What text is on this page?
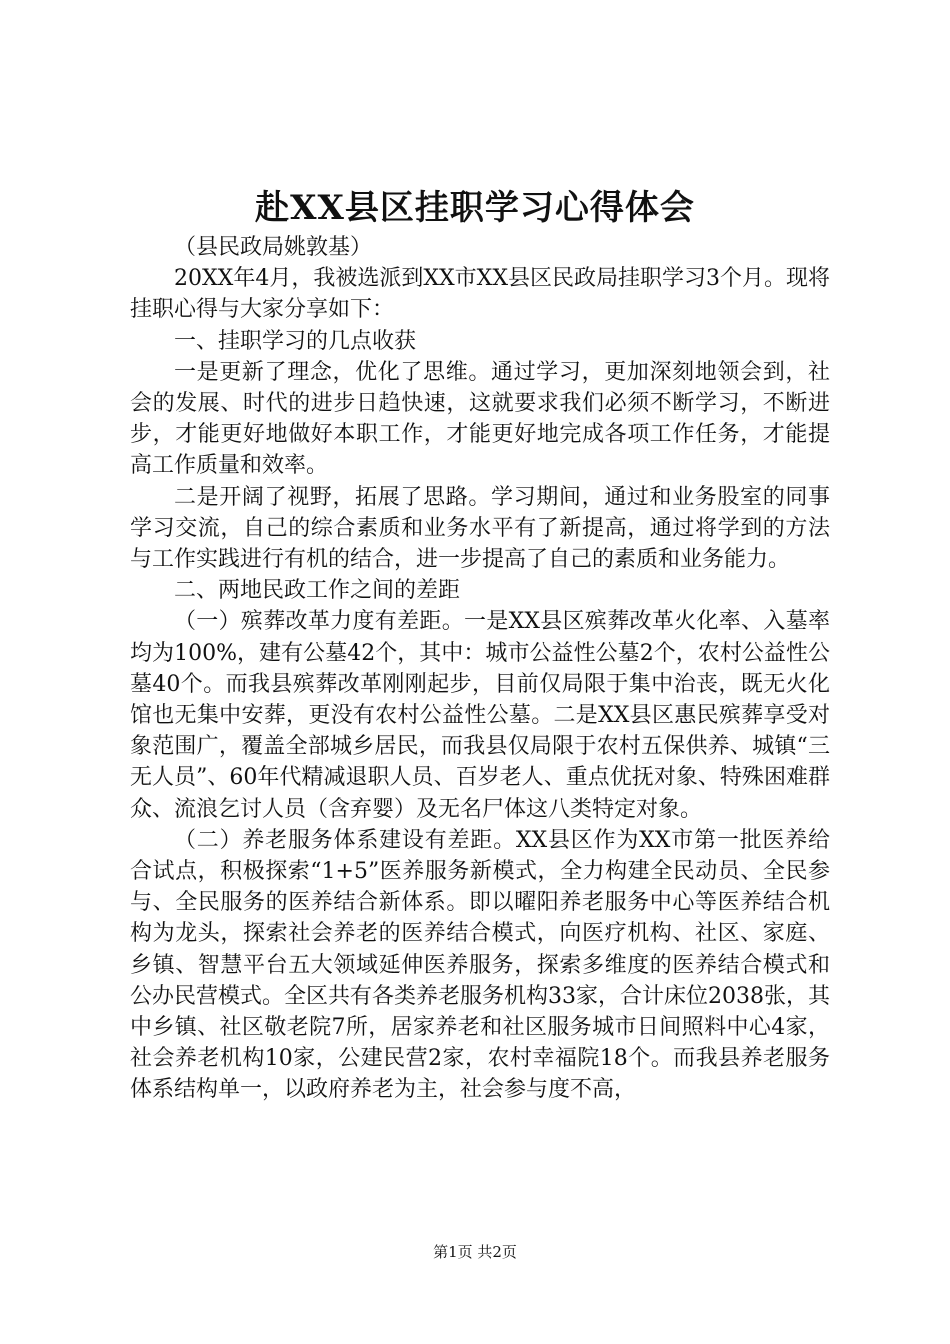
赴XX县区挂职学习心得体会

（县民政局姚敦基）

20XX年4月，我被选派到XX市XX县区民政局挂职学习3个月。现将挂职心得与大家分享如下：

一、挂职学习的几点收获

一是更新了理念，优化了思维。通过学习，更加深刻地领会到，社会的发展、时代的进步日趋快速，这就要求我们必须不断学习，不断进步，才能更好地做好本职工作，才能更好地完成各项工作任务，才能提高工作质量和效率。

二是开阔了视野，拓展了思路。学习期间，通过和业务股室的同事学习交流，自己的综合素质和业务水平有了新提高，通过将学到的方法与工作实践进行有机的结合，进一步提高了自己的素质和业务能力。

二、两地民政工作之间的差距

（一）殡葬改革力度有差距。一是XX县区殡葬改革火化率、入墓率均为100%，建有公墓42个，其中：城市公益性公墓2个，农村公益性公墓40个。而我县殡葬改革刚刚起步，目前仅局限于集中治丧，既无火化馆也无集中安葬，更没有农村公益性公墓。二是XX县区惠民殡葬享受对象范围广，覆盖全部城乡居民，而我县仅局限于农村五保供养、城镇“三无人员”、60年代精减退职人员、百岁老人、重点优抚对象、特殊困难群众、流浪乞讨人员（含弃婴）及无名尸体这八类特定对象。

（二）养老服务体系建设有差距。XX县区作为XX市第一批医养给合试点，积极探索“1+5”医养服务新模式，全力构建全民动员、全民参与、全民服务的医养结合新体系。即以曜阳养老服务中心等医养结合机构为龙头，探索社会养老的医养结合模式，向医疗机构、社区、家庭、乡镇、智慧平台五大领域延伸医养服务，探索多维度的医养结合模式和公办民营模式。全区共有各类养老服务机构33家，合计床位2038张，其中乡镇、社区敬老院7所，居家养老和社区服务城市日间照料中心4家，社会养老机构10家，公建民营2家，农村幸福院18个。而我县养老服务体系结构单一，以政府养老为主，社会参与度不高，

第1页 共2页
